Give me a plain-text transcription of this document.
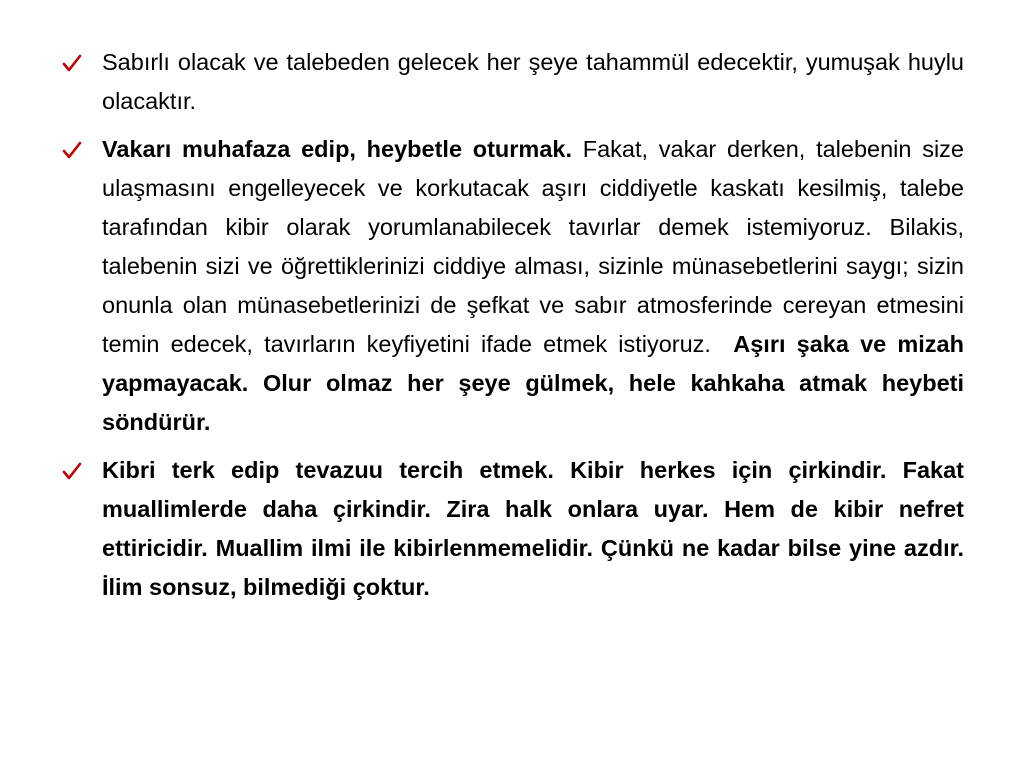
Sabırlı olacak ve talebeden gelecek her şeye tahammül edecektir, yumuşak huylu olacaktır.
Vakarı muhafaza edip, heybetle oturmak. Fakat, vakar derken, talebenin size ulaşmasını engelleyecek ve korkutacak aşırı ciddiyetle kaskatı kesilmiş, talebe tarafından kibir olarak yorumlanabilecek tavırlar demek istemiyoruz. Bilakis, talebenin sizi ve öğrettiklerinizi ciddiye alması, sizinle münasebetlerini saygı; sizin onunla olan münasebetlerinizi de şefkat ve sabır atmosferinde cereyan etmesini temin edecek, tavırların keyfiyetini ifade etmek istiyoruz.  Aşırı şaka ve mizah yapmayacak. Olur olmaz her şeye gülmek, hele kahkaha atmak heybeti söndürür.
Kibri terk edip tevazuu tercih etmek. Kibir herkes için çirkindir. Fakat muallimlerde daha çirkindir. Zira halk onlara uyar. Hem de kibir nefret ettiricidir. Muallim ilmi ile kibirlenmemelidir. Çünkü ne kadar bilse yine azdır. İlim sonsuz, bilmediği çoktur.
